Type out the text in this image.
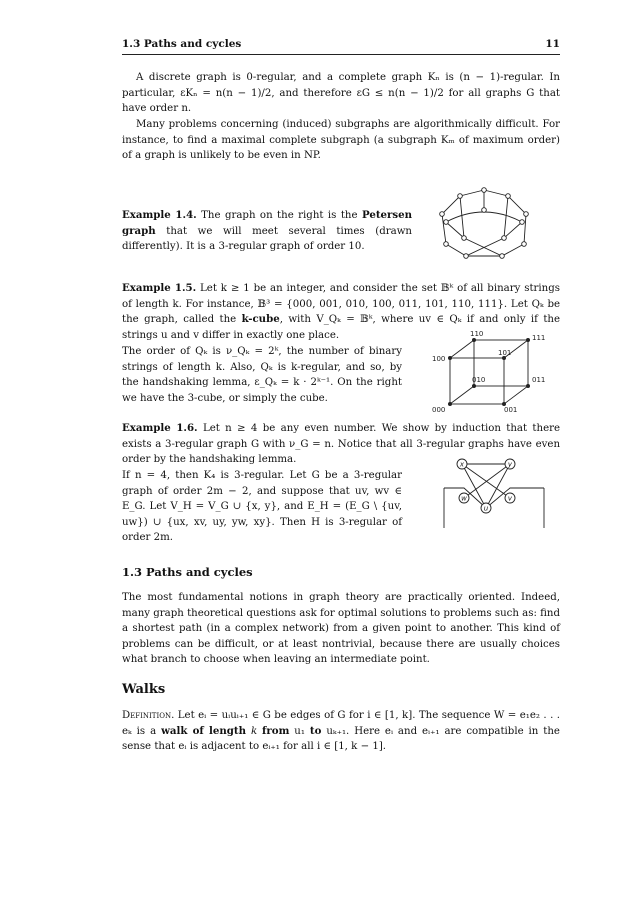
1.3 Paths and cycles	11

A discrete graph is 0-regular, and a complete graph Kₙ is (n − 1)-regular. In particular, εKₙ = n(n − 1)/2, and therefore εG ≤ n(n − 1)/2 for all graphs G that have order n.

Many problems concerning (induced) subgraphs are algorithmically difficult. For instance, to find a maximal complete subgraph (a subgraph Kₘ of maximum order) of a graph is unlikely to be even in NP.

Example 1.4. The graph on the right is the Petersen graph that we will meet several times (drawn differently). It is a 3-regular graph of order 10.

Example 1.5. Let k ≥ 1 be an integer, and consider the set 𝔹ᵏ of all binary strings of length k. For instance, 𝔹³ = {000, 001, 010, 100, 011, 101, 110, 111}. Let Qₖ be the graph, called the k-cube, with V_Qₖ = 𝔹ᵏ, where uv ∈ Qₖ if and only if the strings u and v differ in exactly one place.

The order of Qₖ is ν_Qₖ = 2ᵏ, the number of binary strings of length k. Also, Qₖ is k-regular, and so, by the handshaking lemma, ε_Qₖ = k · 2ᵏ⁻¹. On the right we have the 3-cube, or simply the cube.

110	111
100
101
010	011
000	001

Example 1.6. Let n ≥ 4 be any even number. We show by induction that there exists a 3-regular graph G with ν_G = n. Notice that all 3-regular graphs have even order by the handshaking lemma.

If n = 4, then K₄ is 3-regular. Let G be a 3-regular graph of order 2m − 2, and suppose that uv, wv ∈ E_G. Let V_H = V_G ∪ {x, y}, and E_H = (E_G \ {uv, uw}) ∪ {ux, xv, uy, yw, xy}. Then H is 3-regular of order 2m.

x	y
w	v
u
1.3 Paths and cycles

The most fundamental notions in graph theory are practically oriented. Indeed, many graph theoretical questions ask for optimal solutions to problems such as: find a shortest path (in a complex network) from a given point to another. This kind of problems can be difficult, or at least nontrivial, because there are usually choices what branch to choose when leaving an intermediate point.

Walks

Definition. Let eᵢ = uᵢuᵢ₊₁ ∈ G be edges of G for i ∈ [1, k]. The sequence W = e₁e₂ . . . eₖ is a walk of length k from u₁ to uₖ₊₁. Here eᵢ and eᵢ₊₁ are compatible in the sense that eᵢ is adjacent to eᵢ₊₁ for all i ∈ [1, k − 1].
